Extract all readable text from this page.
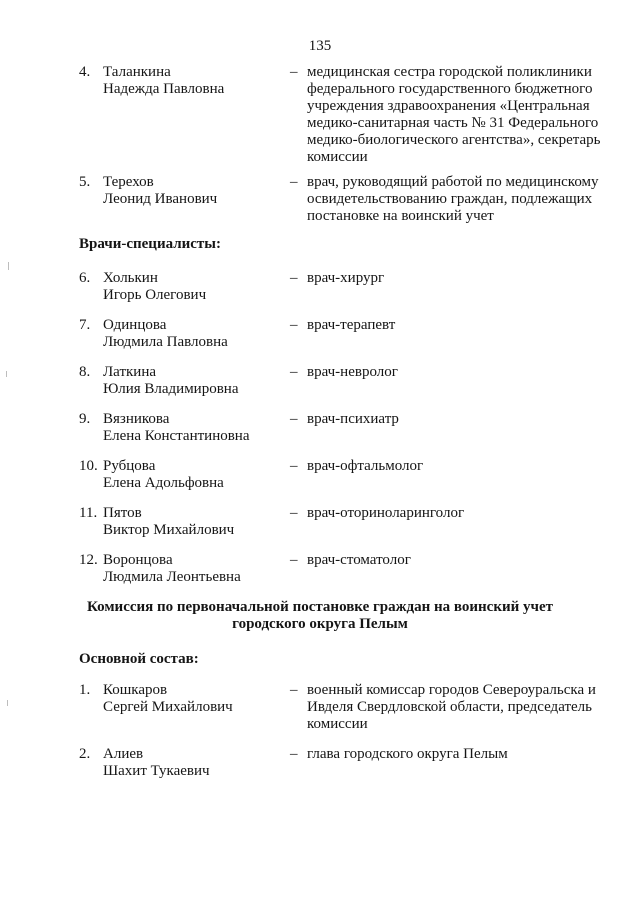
135
4. Таланкина
Надежда Павловна
– медицинская сестра городской поликлиники федерального государственного бюджетного учреждения здравоохранения «Центральная медико-санитарная часть № 31 Федерального медико-биологического агентства», секретарь комиссии
5. Терехов
Леонид Иванович
– врач, руководящий работой по медицинскому освидетельствованию граждан, подлежащих постановке на воинский учет
Врачи-специалисты:
6. Холькин
Игорь Олегович
– врач-хирург
7. Одинцова
Людмила Павловна
– врач-терапевт
8. Латкина
Юлия Владимировна
– врач-невролог
9. Вязникова
Елена Константиновна
– врач-психиатр
10. Рубцова
Елена Адольфовна
– врач-офтальмолог
11. Пятов
Виктор Михайлович
– врач-оториноларинголог
12. Воронцова
Людмила Леонтьевна
– врач-стоматолог
Комиссия по первоначальной постановке граждан на воинский учет
городского округа Пелым
Основной состав:
1. Кошкаров
Сергей Михайлович
– военный комиссар городов Североуральска и Ивделя Свердловской области, председатель комиссии
2. Алиев
Шахит Тукаевич
– глава городского округа Пелым
